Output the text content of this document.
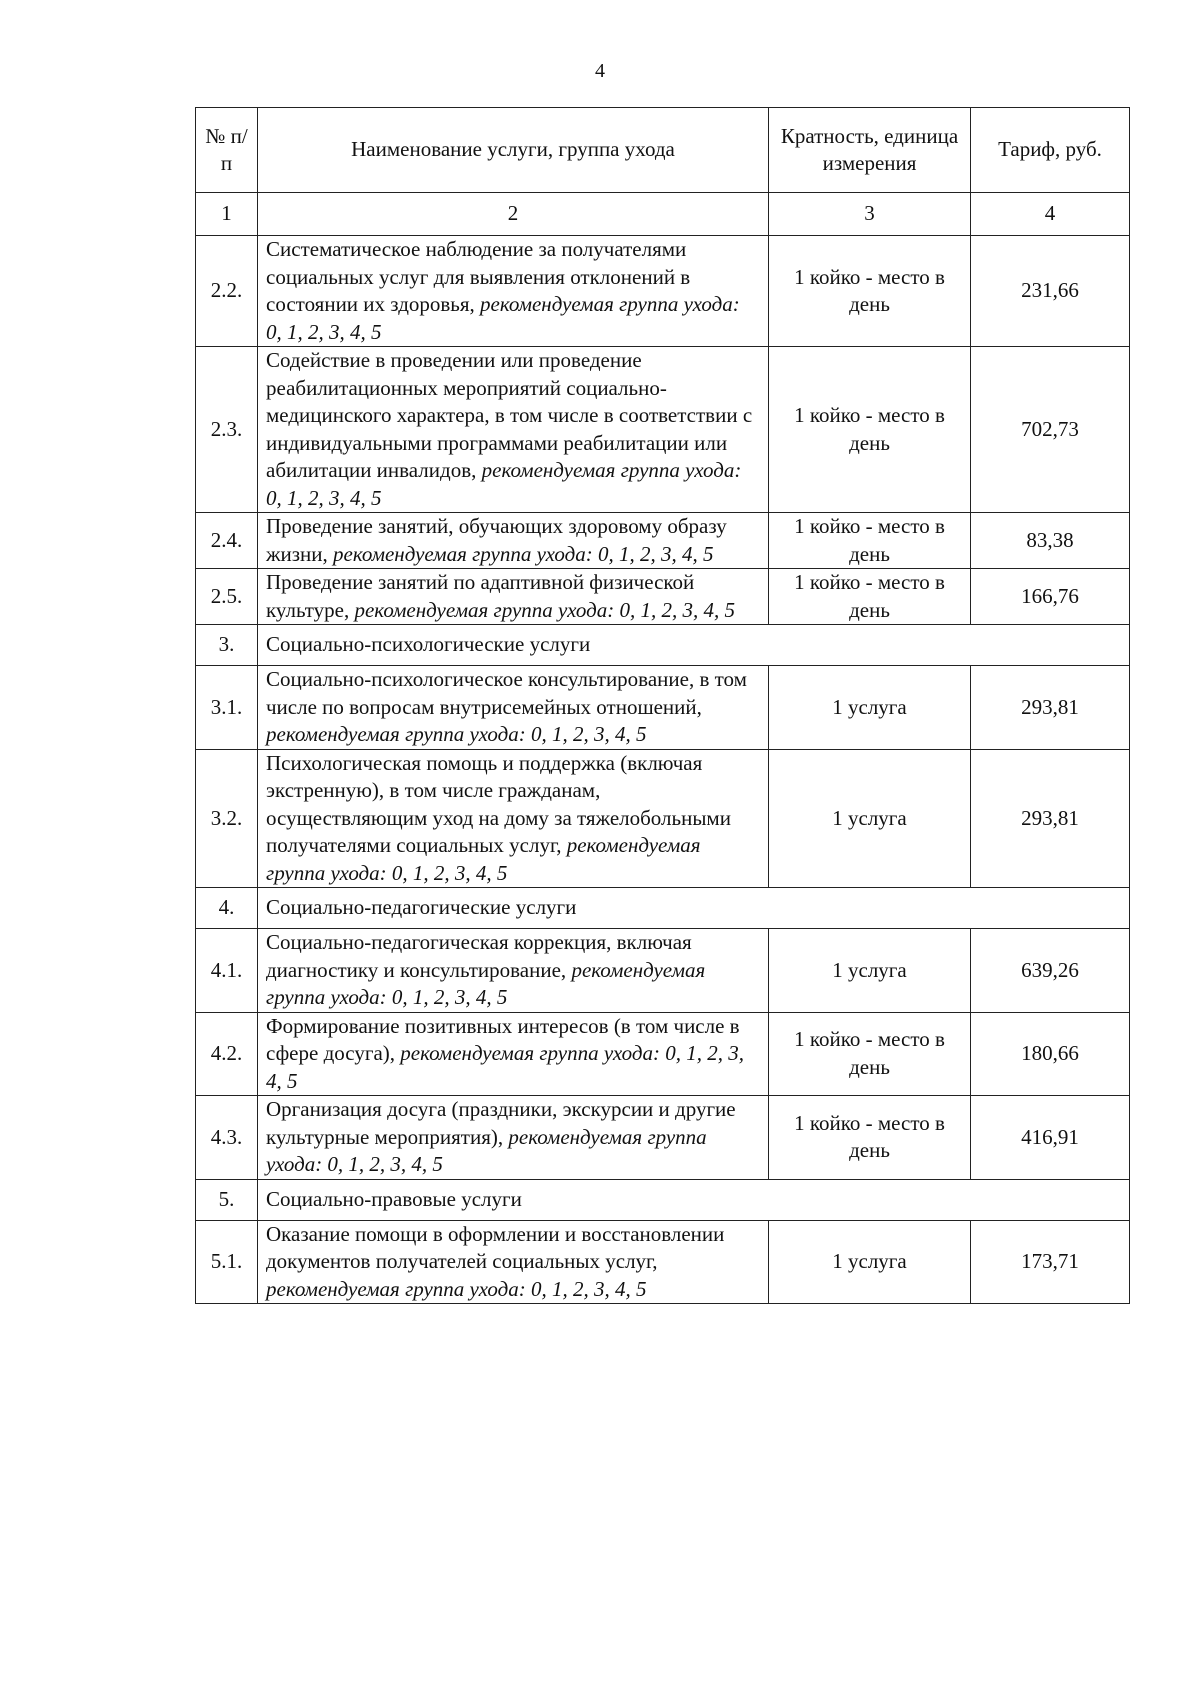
4
№ п/п	Наименование услуги, группа ухода	Кратность, единица измерения	Тариф, руб.
1	2	3	4
2.2.	Систематическое наблюдение за получателями социальных услуг для выявления отклонений в состоянии их здоровья, рекомендуемая группа ухода: 0, 1, 2, 3, 4, 5	1 койко - место в день	231,66
2.3.	Содействие в проведении или проведение реабилитационных мероприятий социально-медицинского характера, в том числе в соответствии с индивидуальными программами реабилитации или абилитации инвалидов, рекомендуемая группа ухода: 0, 1, 2, 3, 4, 5	1 койко - место в день	702,73
2.4.	Проведение занятий, обучающих здоровому образу жизни, рекомендуемая группа ухода: 0, 1, 2, 3, 4, 5	1 койко - место в день	83,38
2.5.	Проведение занятий по адаптивной физической культуре, рекомендуемая группа ухода: 0, 1, 2, 3, 4, 5	1 койко - место в день	166,76
3.	Социально-психологические услуги		
3.1.	Социально-психологическое консультирование, в том числе по вопросам внутрисемейных отношений, рекомендуемая группа ухода: 0, 1, 2, 3, 4, 5	1 услуга	293,81
3.2.	Психологическая помощь и поддержка (включая экстренную), в том числе гражданам, осуществляющим уход на дому за тяжелобольными получателями социальных услуг, рекомендуемая группа ухода: 0, 1, 2, 3, 4, 5	1 услуга	293,81
4.	Социально-педагогические услуги		
4.1.	Социально-педагогическая коррекция, включая диагностику и консультирование, рекомендуемая группа ухода: 0, 1, 2, 3, 4, 5	1 услуга	639,26
4.2.	Формирование позитивных интересов (в том числе в сфере досуга), рекомендуемая группа ухода: 0, 1, 2, 3, 4, 5	1 койко - место в день	180,66
4.3.	Организация досуга (праздники, экскурсии и другие культурные мероприятия), рекомендуемая группа ухода: 0, 1, 2, 3, 4, 5	1 койко - место в день	416,91
5.	Социально-правовые услуги		
5.1.	Оказание помощи в оформлении и восстановлении документов получателей социальных услуг, рекомендуемая группа ухода: 0, 1, 2, 3, 4, 5	1 услуга	173,71
